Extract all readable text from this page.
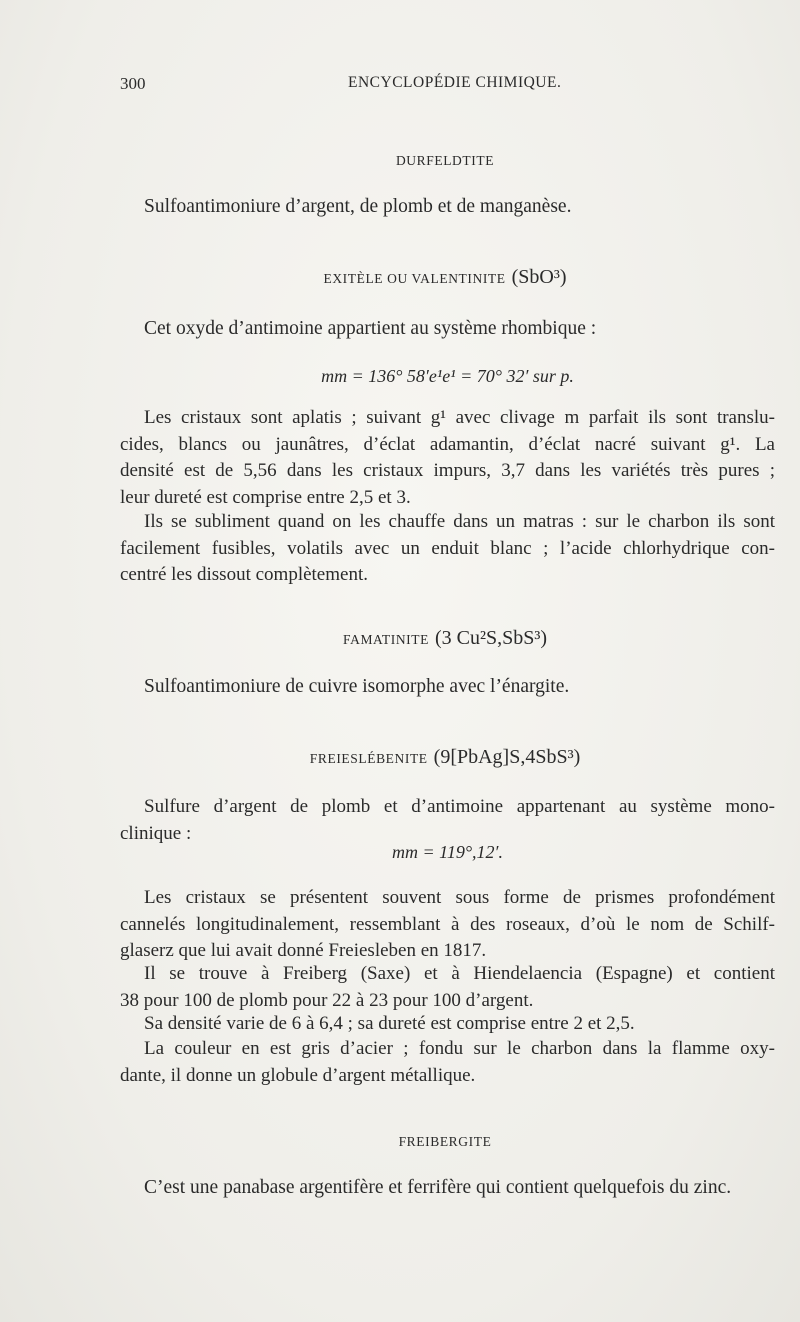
300	ENCYCLOPÉDIE CHIMIQUE.
DURFELDTITE
Sulfoantimoniure d’argent, de plomb et de manganèse.
EXITÈLE OU VALENTINITE (SbO³)
Cet oxyde d’antimoine appartient au système rhombique :
mm = 136° 58′e¹e¹ = 70° 32′ sur p.
Les cristaux sont aplatis ; suivant g¹ avec clivage m parfait ils sont translu-
cides, blancs ou jaunâtres, d’éclat adamantin, d’éclat nacré suivant g¹. La
densité est de 5,56 dans les cristaux impurs, 3,7 dans les variétés très pures ;
leur dureté est comprise entre 2,5 et 3.
Ils se subliment quand on les chauffe dans un matras : sur le charbon ils sont
facilement fusibles, volatils avec un enduit blanc ; l’acide chlorhydrique con-
centré les dissout complètement.
FAMATINITE (3 Cu²S,SbS³)
Sulfoantimoniure de cuivre isomorphe avec l’énargite.
FREIESLÉBENITE (9[PbAg]S,4SbS³)
Sulfure d’argent de plomb et d’antimoine appartenant au système mono-
clinique :
mm = 119°,12′.
Les cristaux se présentent souvent sous forme de prismes profondément
cannelés longitudinalement, ressemblant à des roseaux, d’où le nom de Schilf-
glaserz que lui avait donné Freiesleben en 1817.
Il se trouve à Freiberg (Saxe) et à Hiendelaencia (Espagne) et contient
38 pour 100 de plomb pour 22 à 23 pour 100 d’argent.
Sa densité varie de 6 à 6,4 ; sa dureté est comprise entre 2 et 2,5.
La couleur en est gris d’acier ; fondu sur le charbon dans la flamme oxy-
dante, il donne un globule d’argent métallique.
FREIBERGITE
C’est une panabase argentifère et ferrifère qui contient quelquefois du zinc.
